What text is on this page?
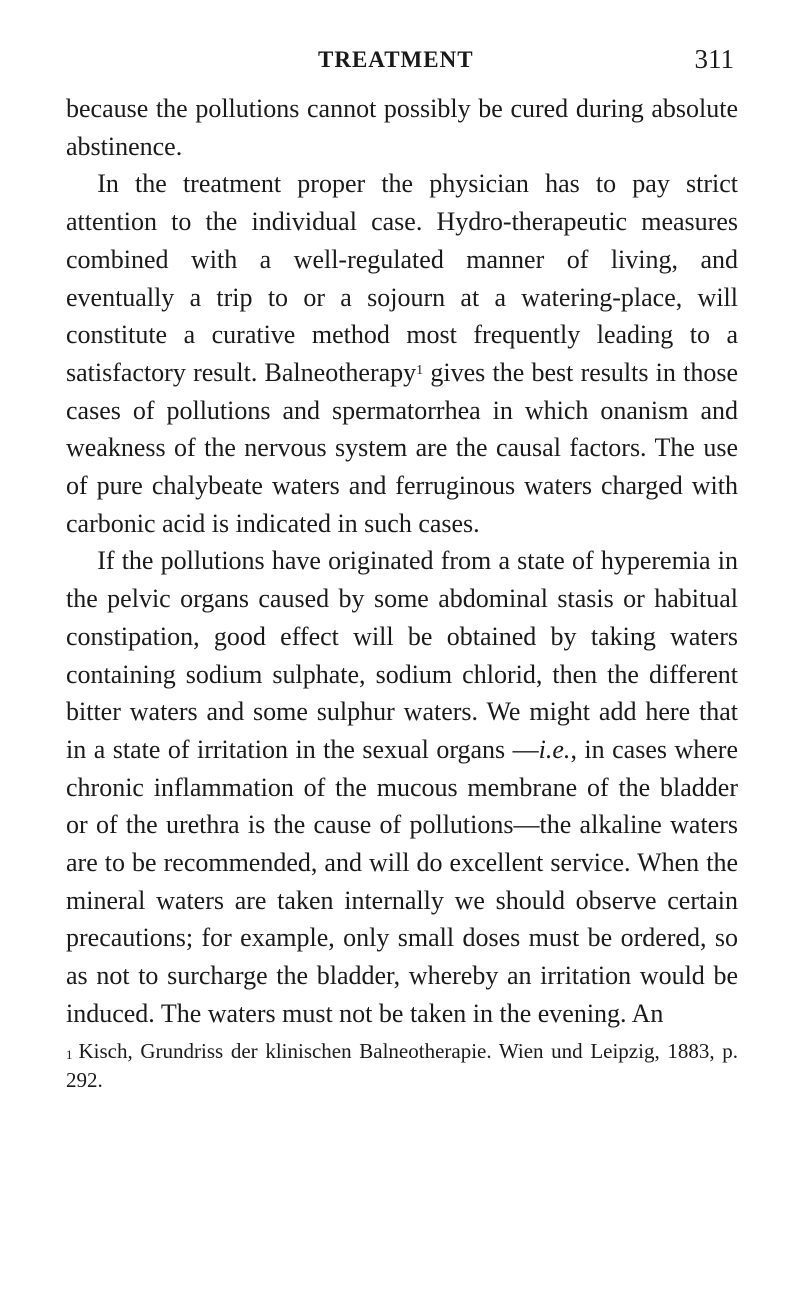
TREATMENT	311

because the pollutions cannot possibly be cured during absolute abstinence.

In the treatment proper the physician has to pay strict attention to the individual case. Hydro-therapeutic measures combined with a well-regulated manner of living, and eventually a trip to or a sojourn at a watering-place, will constitute a curative method most frequently leading to a satisfactory result. Balneotherapy$^1$ gives the best results in those cases of pollutions and spermatorrhea in which onanism and weakness of the nervous system are the causal factors. The use of pure chalybeate waters and ferruginous waters charged with carbonic acid is indicated in such cases.

If the pollutions have originated from a state of hyperemia in the pelvic organs caused by some abdominal stasis or habitual constipation, good effect will be obtained by taking waters containing sodium sulphate, sodium chlorid, then the different bitter waters and some sulphur waters. We might add here that in a state of irritation in the sexual organs —i.e., in cases where chronic inflammation of the mucous membrane of the bladder or of the urethra is the cause of pollutions—the alkaline waters are to be recommended, and will do excellent service. When the mineral waters are taken internally we should observe certain precautions; for example, only small doses must be ordered, so as not to surcharge the bladder, whereby an irritation would be induced. The waters must not be taken in the evening. An

$^1$ Kisch, Grundriss der klinischen Balneotherapie. Wien und Leipzig, 1883, p. 292.
